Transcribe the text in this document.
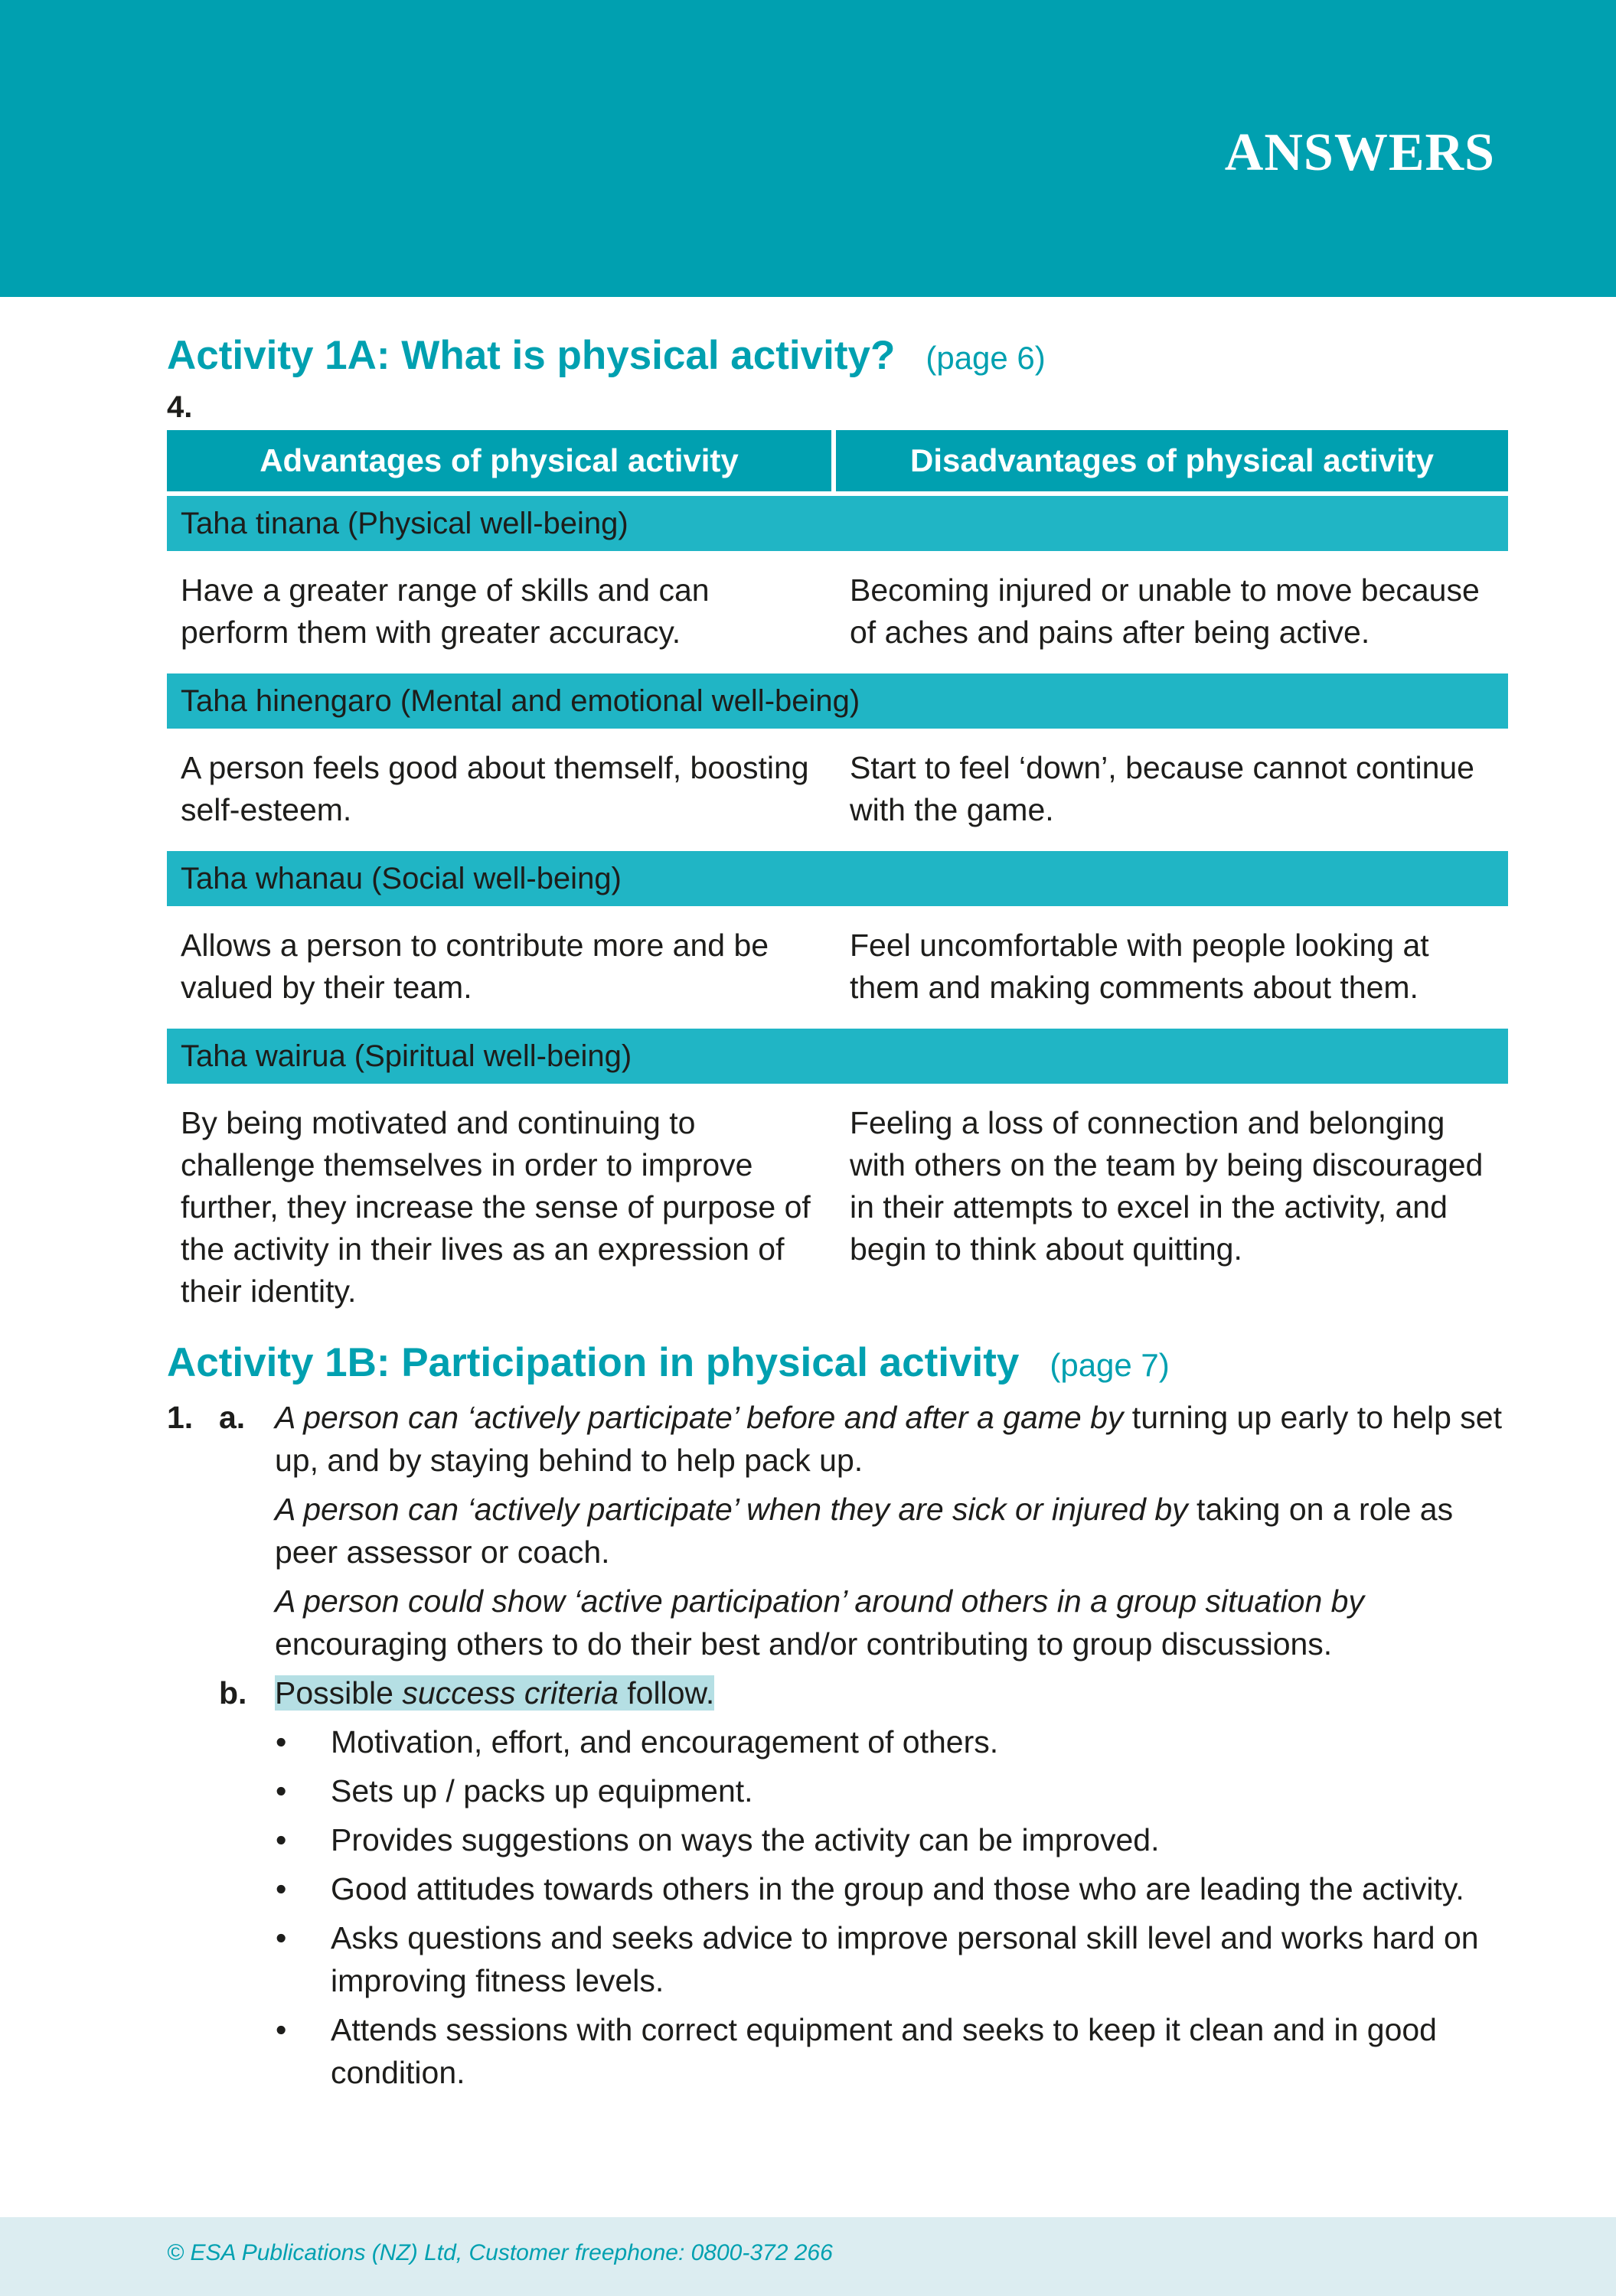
ANSWERS
Activity 1A: What is physical activity? (page 6)
4.
Advantages of physical activity	Disadvantages of physical activity
Taha tinana (Physical well-being)	
Have a greater range of skills and can perform them with greater accuracy.	Becoming injured or unable to move because of aches and pains after being active.
Taha hinengaro (Mental and emotional well-being)	
A person feels good about themself, boosting self-esteem.	Start to feel ‘down’, because cannot continue with the game.
Taha whanau (Social well-being)	
Allows a person to contribute more and be valued by their team.	Feel uncomfortable with people looking at them and making comments about them.
Taha wairua (Spiritual well-being)	
By being motivated and continuing to challenge themselves in order to improve further, they increase the sense of purpose of the activity in their lives as an expression of their identity.	Feeling a loss of connection and belonging with others on the team by being discouraged in their attempts to excel in the activity, and begin to think about quitting.
Activity 1B: Participation in physical activity (page 7)
1. a. A person can ‘actively participate’ before and after a game by turning up early to help set up, and by staying behind to help pack up.
A person can ‘actively participate’ when they are sick or injured by taking on a role as peer assessor or coach.
A person could show ‘active participation’ around others in a group situation by encouraging others to do their best and/or contributing to group discussions.
b. Possible success criteria follow.
• Motivation, effort, and encouragement of others.
• Sets up / packs up equipment.
• Provides suggestions on ways the activity can be improved.
• Good attitudes towards others in the group and those who are leading the activity.
• Asks questions and seeks advice to improve personal skill level and works hard on improving fitness levels.
• Attends sessions with correct equipment and seeks to keep it clean and in good condition.
© ESA Publications (NZ) Ltd, Customer freephone: 0800-372 266
